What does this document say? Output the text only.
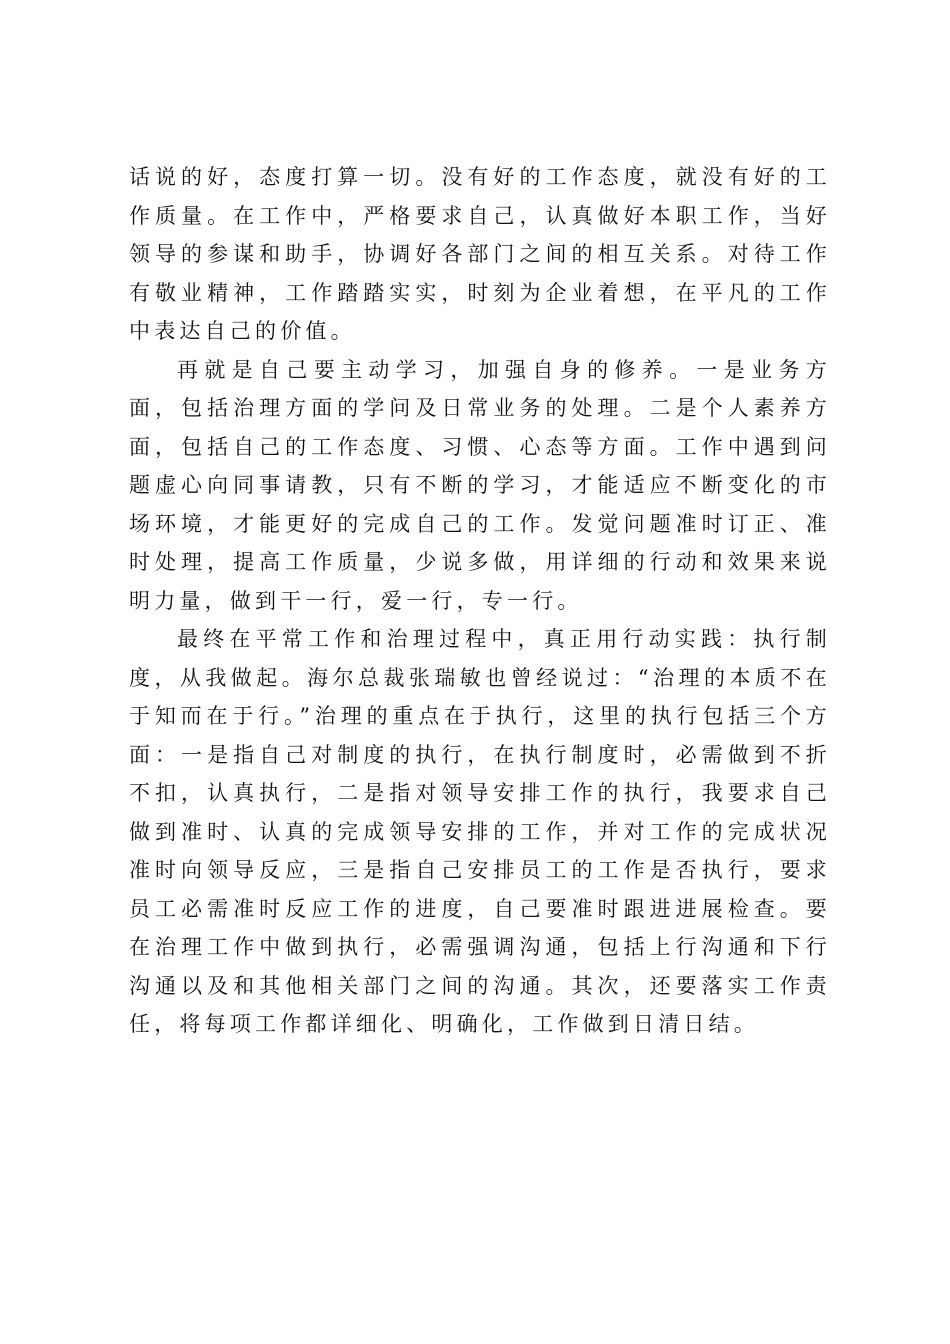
话说的好，态度打算一切。没有好的工作态度，就没有好的工作质量。在工作中，严格要求自己，认真做好本职工作，当好领导的参谋和助手，协调好各部门之间的相互关系。对待工作有敬业精神，工作踏踏实实，时刻为企业着想，在平凡的工作中表达自己的价值。

再就是自己要主动学习，加强自身的修养。一是业务方面，包括治理方面的学问及日常业务的处理。二是个人素养方面，包括自己的工作态度、习惯、心态等方面。工作中遇到问题虚心向同事请教，只有不断的学习，才能适应不断变化的市场环境，才能更好的完成自己的工作。发觉问题准时订正、准时处理，提高工作质量，少说多做，用详细的行动和效果来说明力量，做到干一行，爱一行，专一行。

最终在平常工作和治理过程中，真正用行动实践：执行制度，从我做起。海尔总裁张瑞敏也曾经说过：“治理的本质不在于知而在于行。”治理的重点在于执行，这里的执行包括三个方面：一是指自己对制度的执行，在执行制度时，必需做到不折不扣，认真执行，二是指对领导安排工作的执行，我要求自己做到准时、认真的完成领导安排的工作，并对工作的完成状况准时向领导反应，三是指自己安排员工的工作是否执行，要求员工必需准时反应工作的进度，自己要准时跟进进展检查。要在治理工作中做到执行，必需强调沟通，包括上行沟通和下行沟通以及和其他相关部门之间的沟通。其次，还要落实工作责任，将每项工作都详细化、明确化，工作做到日清日结。
